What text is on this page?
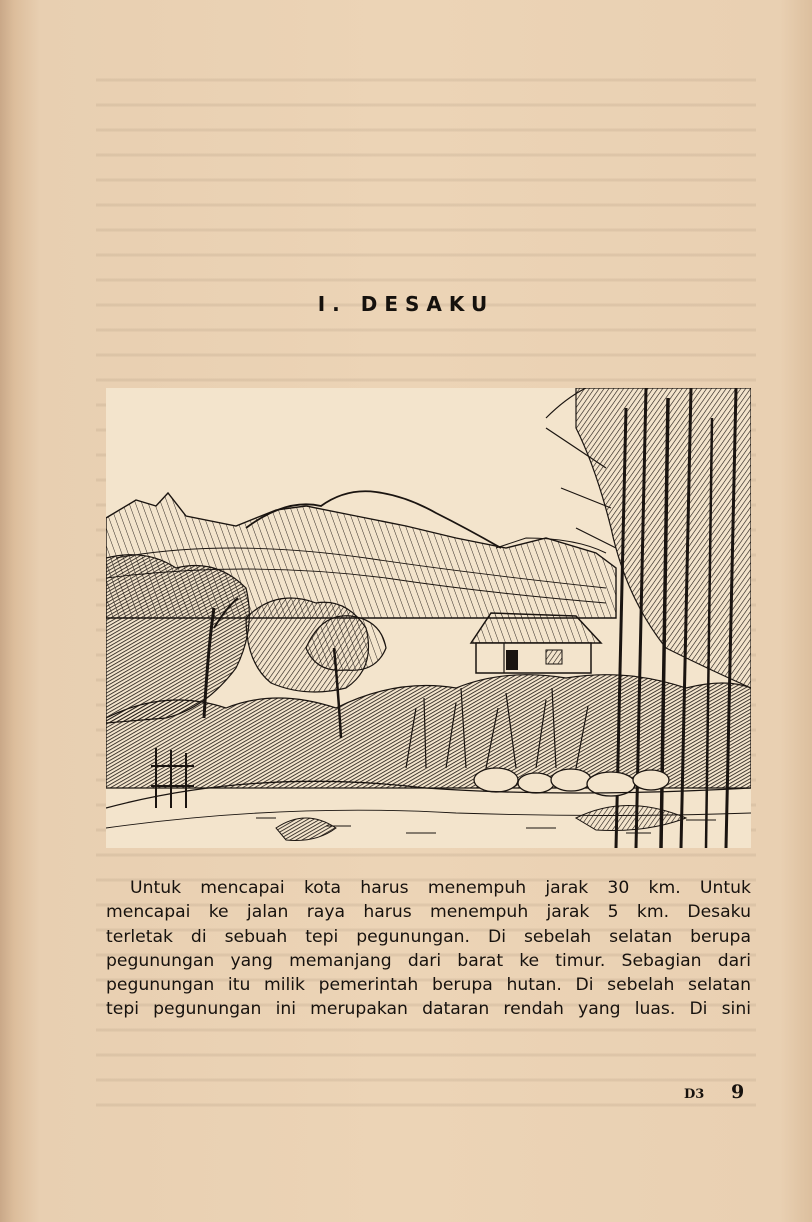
I. DESAKU
Untuk mencapai kota harus menempuh jarak 30 km. Untuk
mencapai ke jalan raya harus menempuh jarak 5 km. Desaku
terletak di sebuah tepi pegunungan. Di sebelah selatan berupa
pegunungan yang memanjang dari barat ke timur. Sebagian dari
pegunungan itu milik pemerintah berupa hutan. Di sebelah selatan
tepi pegunungan ini merupakan dataran rendah yang luas. Di sini
D3 9
